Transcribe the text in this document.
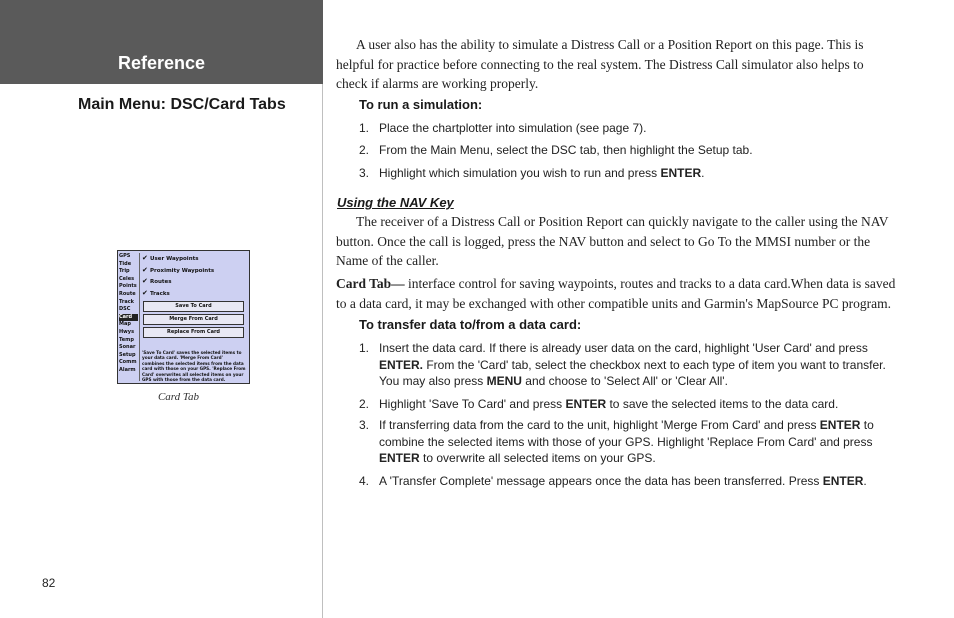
Reference
Main Menu: DSC/Card Tabs
GPS
Tide
Trip
Celes
Points
Route
Track
DSC
Card
Map
Hwys
Temp
Sonar
Setup
Comm
Alarm
✔ User Waypoints
✔ Proximity Waypoints
✔ Routes
✔ Tracks
Save To Card
Merge From Card
Replace From Card
'Save To Card' saves the selected items to your data card. 'Merge From Card' combines the selected items from the data card with those on your GPS. 'Replace From Card' overwrites all selected items on your GPS with those from the data card.
Card Tab
82

A user also has the ability to simulate a Distress Call or a Position Report on this page. This is helpful for practice before connecting to the real system. The Distress Call simulator also helps to check if alarms are working properly.

To run a simulation:

1. Place the chartplotter into simulation (see page 7).
2. From the Main Menu, select the DSC tab, then highlight the Setup tab.
3. Highlight which simulation you wish to run and press ENTER.
Using the NAV Key

The receiver of a Distress Call or Position Report can quickly navigate to the caller using the NAV button. Once the call is logged, press the NAV button and select to Go To the MMSI number or the Name of the caller.

Card Tab— interface control for saving waypoints, routes and tracks to a data card.When data is saved to a data card, it may be exchanged with other compatible units and Garmin's MapSource PC program.

To transfer data to/from a data card:

1. Insert the data card. If there is already user data on the card, highlight 'User Card' and press ENTER. From the 'Card' tab, select the checkbox next to each type of item you want to transfer. You may also press MENU and choose to 'Select All' or 'Clear All'.
2. Highlight 'Save To Card' and press ENTER to save the selected items to the data card.
3. If transferring data from the card to the unit, highlight 'Merge From Card' and press ENTER to combine the selected items with those of your GPS. Highlight 'Replace From Card' and press ENTER to overwrite all selected items on your GPS.
4. A 'Transfer Complete' message appears once the data has been transferred. Press ENTER.
